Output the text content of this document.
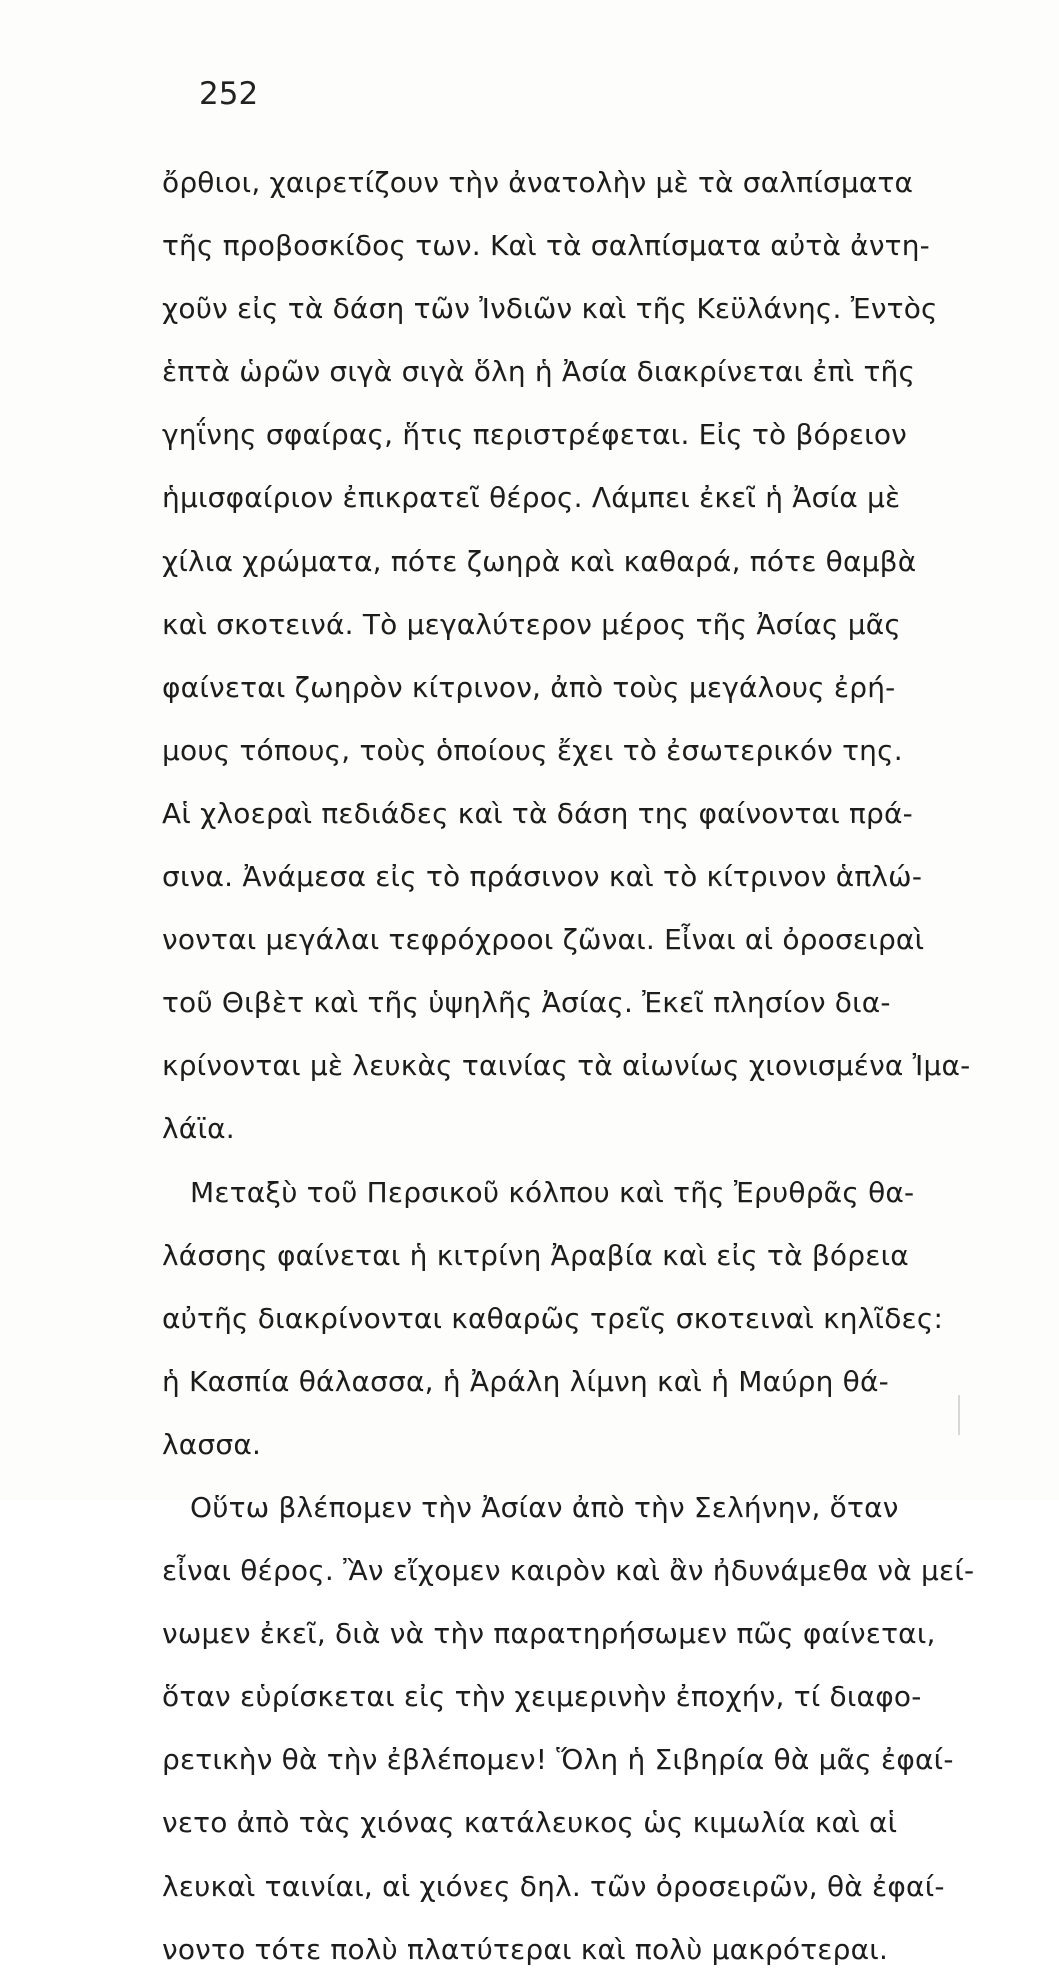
252
ὄρθιοι, χαιρετίζουν τὴν ἀνατολὴν μὲ τὰ σαλπίσματα
τῆς προβοσκίδος των. Καὶ τὰ σαλπίσματα αὐτὰ ἀντη-
χοῦν εἰς τὰ δάση τῶν Ἰνδιῶν καὶ τῆς Κεϋλάνης. Ἐντὸς
ἑπτὰ ὡρῶν σιγὰ σιγὰ ὅλη ἡ Ἀσία διακρίνεται ἐπὶ τῆς
γηΐνης σφαίρας, ἥτις περιστρέφεται. Εἰς τὸ βόρειον
ἡμισφαίριον ἐπικρατεῖ θέρος. Λάμπει ἐκεῖ ἡ Ἀσία μὲ
χίλια χρώματα, πότε ζωηρὰ καὶ καθαρά, πότε θαμβὰ
καὶ σκοτεινά. Τὸ μεγαλύτερον μέρος τῆς Ἀσίας μᾶς
φαίνεται ζωηρὸν κίτρινον, ἀπὸ τοὺς μεγάλους ἐρή-
μους τόπους, τοὺς ὁποίους ἔχει τὸ ἐσωτερικόν της.
Αἱ χλοεραὶ πεδιάδες καὶ τὰ δάση της φαίνονται πρά-
σινα. Ἀνάμεσα εἰς τὸ πράσινον καὶ τὸ κίτρινον ἁπλώ-
νονται μεγάλαι τεφρόχροοι ζῶναι. Εἶναι αἱ ὀροσειραὶ
τοῦ Θιβὲτ καὶ τῆς ὑψηλῆς Ἀσίας. Ἐκεῖ πλησίον δια-
κρίνονται μὲ λευκὰς ταινίας τὰ αἰωνίως χιονισμένα Ἰμα-
λάϊα.
Μεταξὺ τοῦ Περσικοῦ κόλπου καὶ τῆς Ἐρυθρᾶς θα-
λάσσης φαίνεται ἡ κιτρίνη Ἀραβία καὶ εἰς τὰ βόρεια
αὐτῆς διακρίνονται καθαρῶς τρεῖς σκοτειναὶ κηλῖδες:
ἡ Κασπία θάλασσα, ἡ Ἀράλη λίμνη καὶ ἡ Μαύρη θά-
λασσα.
Οὕτω βλέπομεν τὴν Ἀσίαν ἀπὸ τὴν Σελήνην, ὅταν
εἶναι θέρος. Ἂν εἴχομεν καιρὸν καὶ ἂν ἠδυνάμεθα νὰ μεί-
νωμεν ἐκεῖ, διὰ νὰ τὴν παρατηρήσωμεν πῶς φαίνεται,
ὅταν εὑρίσκεται εἰς τὴν χειμερινὴν ἐποχήν, τί διαφο-
ρετικὴν θὰ τὴν ἐβλέπομεν! Ὅλη ἡ Σιβηρία θὰ μᾶς ἐφαί-
νετο ἀπὸ τὰς χιόνας κατάλευκος ὡς κιμωλία καὶ αἱ
λευκαὶ ταινίαι, αἱ χιόνες δηλ. τῶν ὀροσειρῶν, θὰ ἐφαί-
νοντο τότε πολὺ πλατύτεραι καὶ πολὺ μακρότεραι.
